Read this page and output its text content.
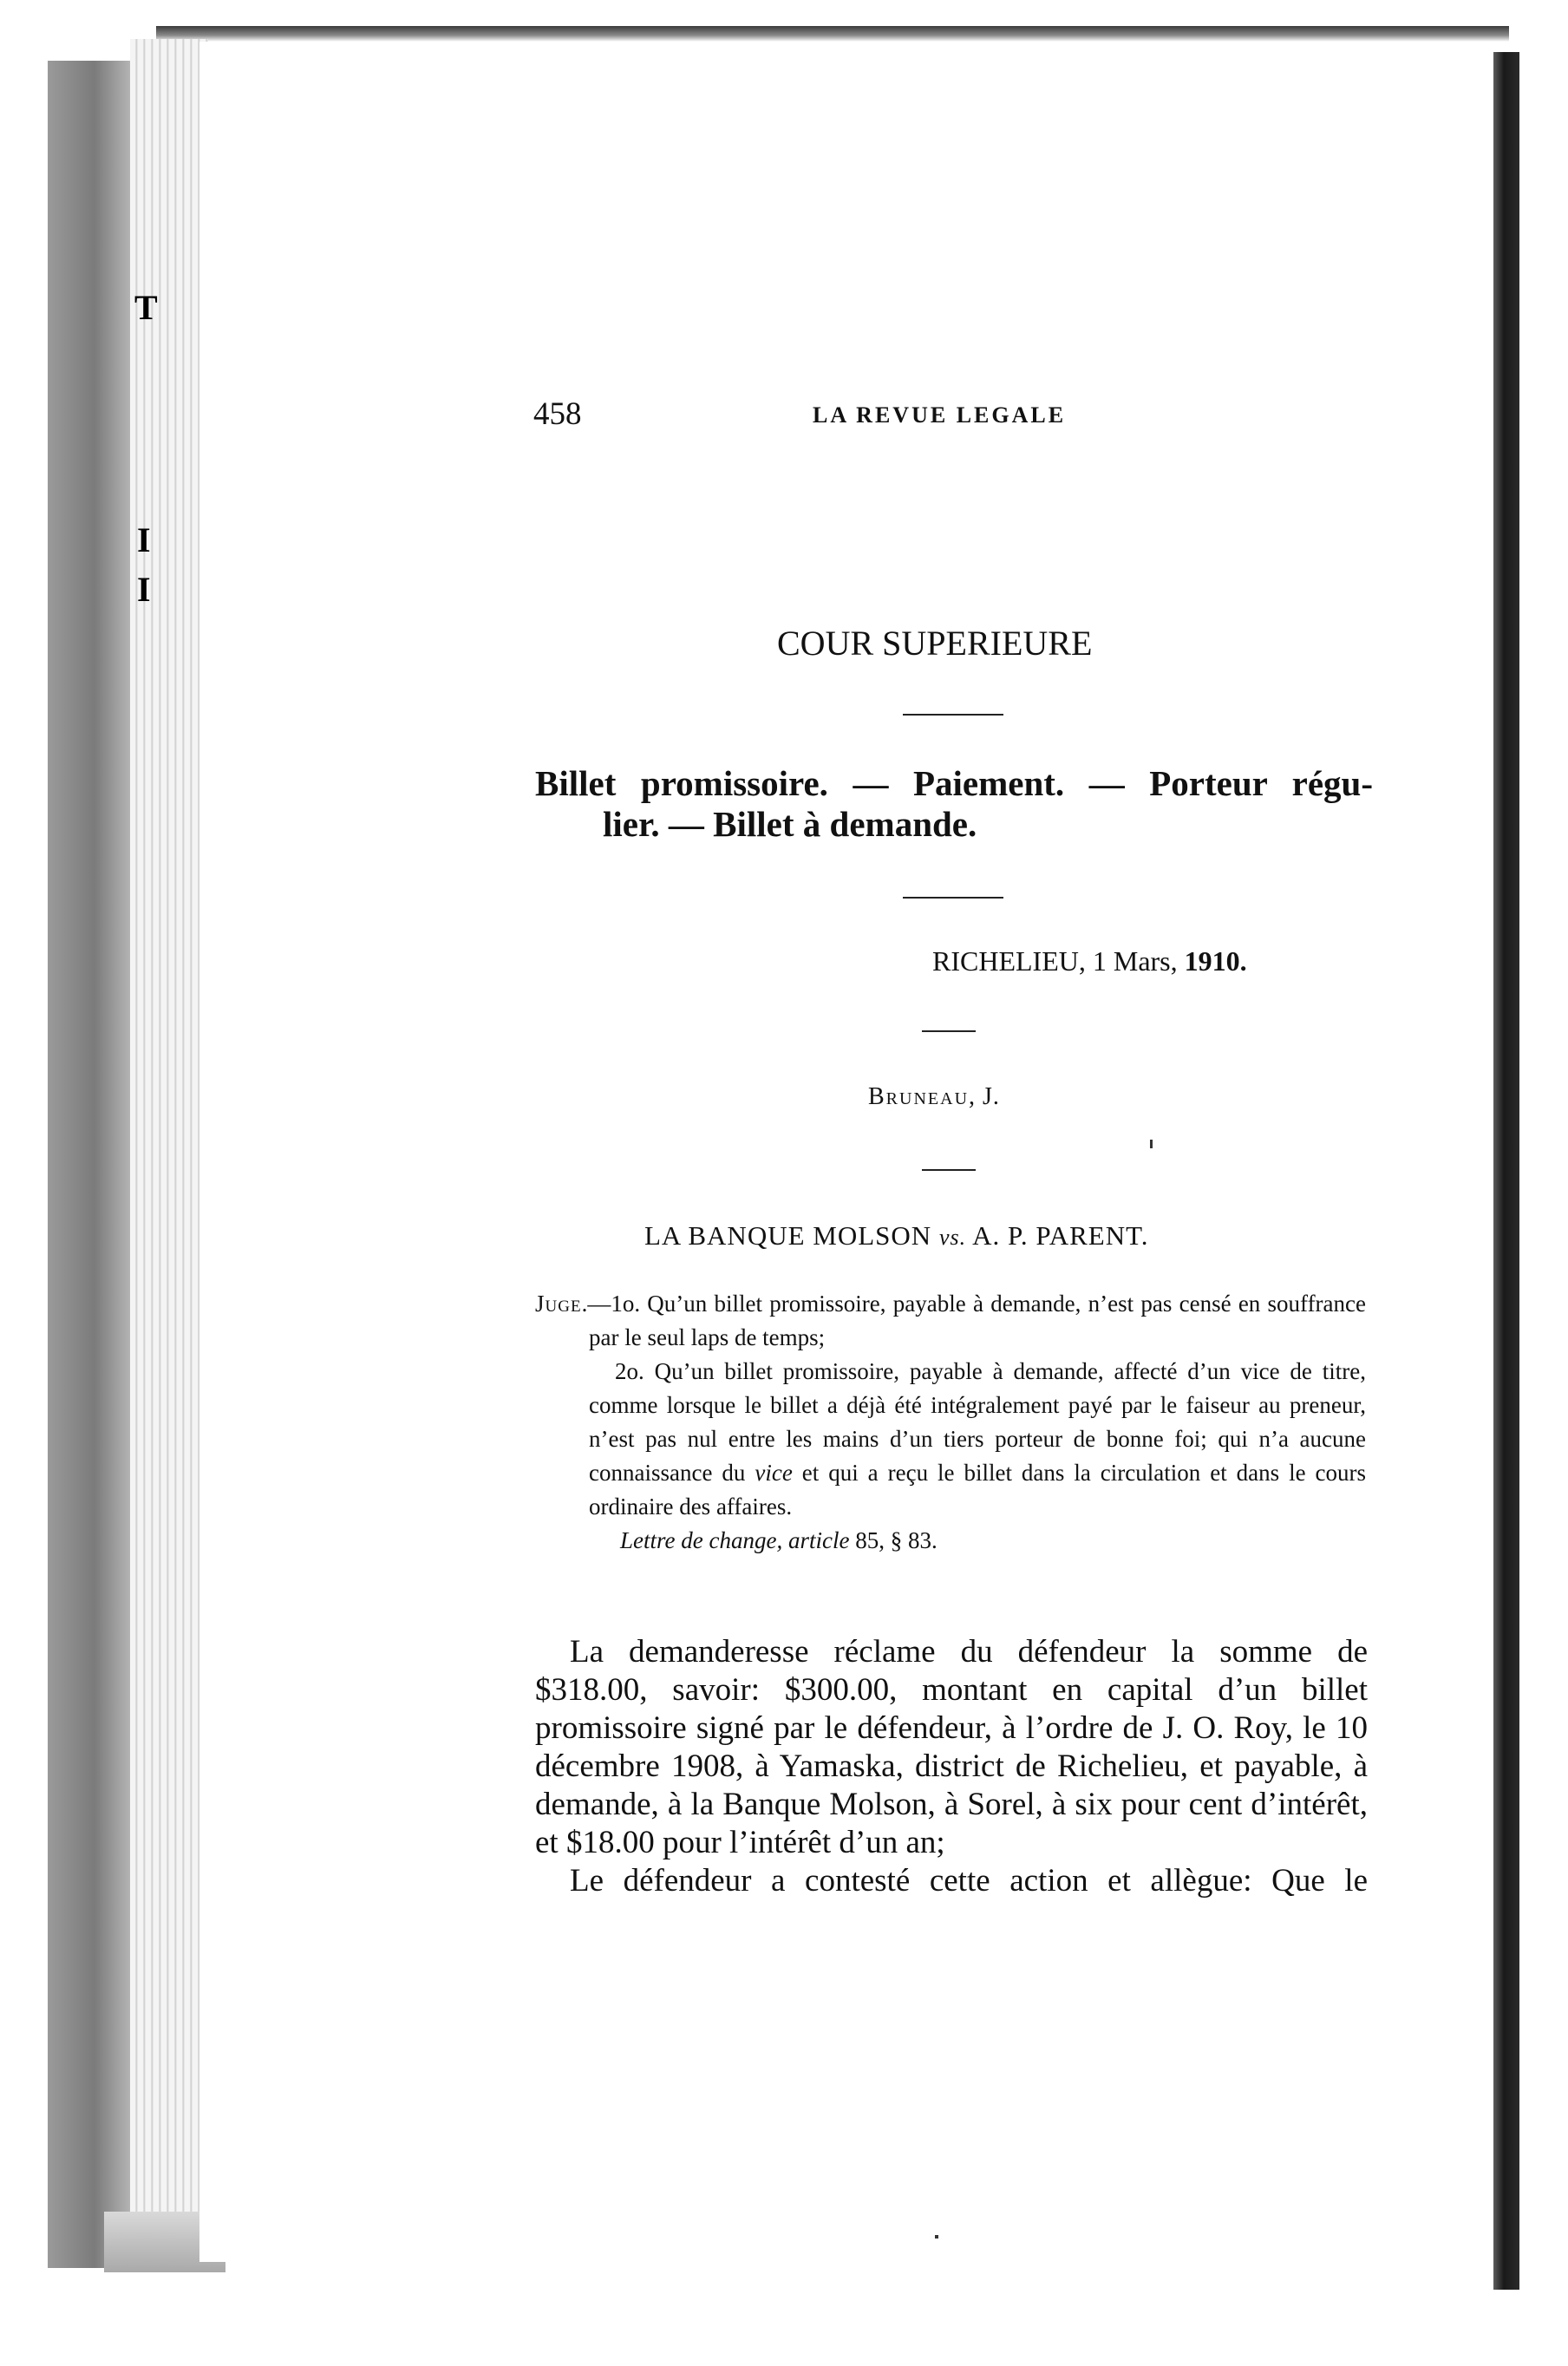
T
I
I
458	LA REVUE LEGALE
COUR SUPERIEURE
Billet promissoire. — Paiement. — Porteur régu-
lier. — Billet à demande.
RICHELIEU, 1 Mars, 1910.
Bruneau, J.
LA BANQUE MOLSON vs. A. P. PARENT.

Juge.—1o. Qu’un billet promissoire, payable à demande, n’est pas censé en souffrance par le seul laps de temps;

2o. Qu’un billet promissoire, payable à demande, affecté d’un vice de titre, comme lorsque le billet a déjà été intégralement payé par le faiseur au preneur, n’est pas nul entre les mains d’un tiers porteur de bonne foi; qui n’a aucune connaissance du vice et qui a reçu le billet dans la circulation et dans le cours ordinaire des affaires.

Lettre de change, article 85, § 83.

La demanderesse réclame du défendeur la somme de $318.00, savoir: $300.00, montant en capital d’un billet promissoire signé par le défendeur, à l’ordre de J. O. Roy, le 10 décembre 1908, à Yamaska, district de Richelieu, et payable, à demande, à la Banque Molson, à Sorel, à six pour cent d’intérêt, et $18.00 pour l’intérêt d’un an;

Le défendeur a contesté cette action et allègue: Que le
